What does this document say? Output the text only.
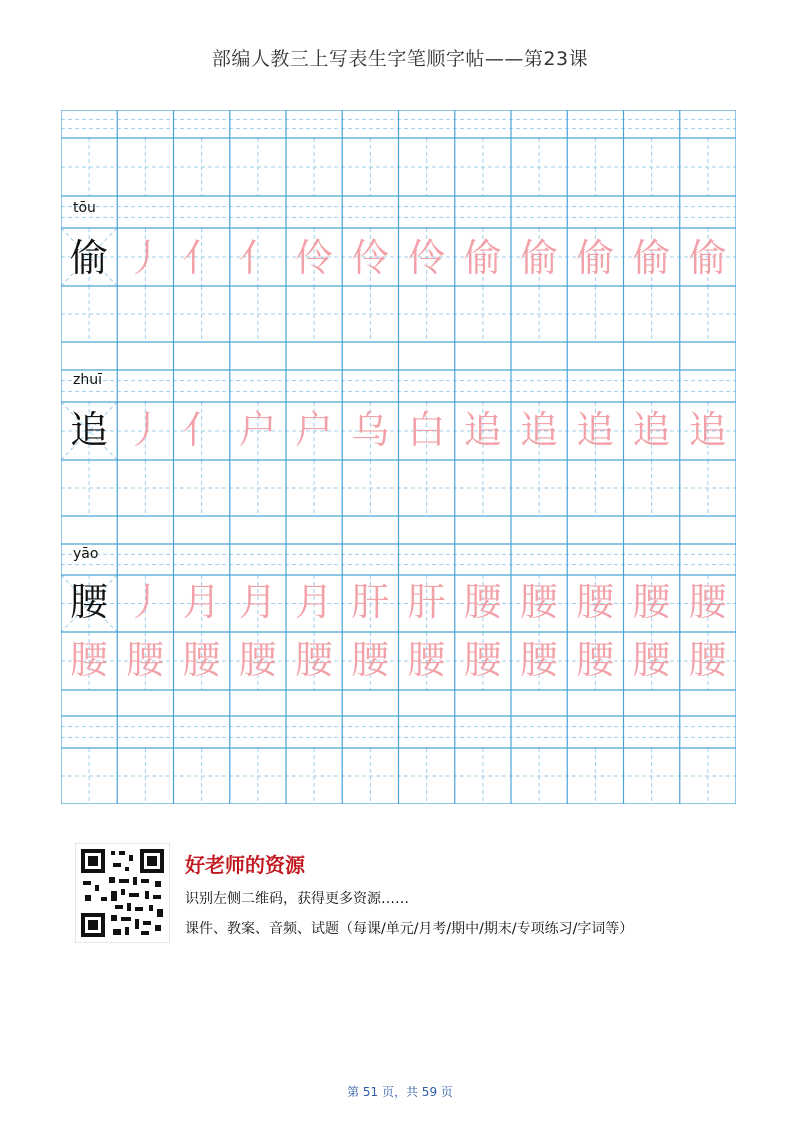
部编人教三上写表生字笔顺字帖——第23课
tōu
偷 丿 亻 亻 伶 伶 伶 偷 偷 偷 偷 偷
zhuī
追 丿 亻 户 户 乌 白 追 追 追 追 追
yāo
腰 丿 月 月 月 肝 肝 腰 腰 腰 腰 腰
腰 腰 腰 腰 腰 腰 腰 腰 腰 腰 腰 腰
好老师的资源
识别左侧二维码，获得更多资源……
课件、教案、音频、试题（每课/单元/月考/期中/期末/专项练习/字词等）
第 51 页，共 59 页
